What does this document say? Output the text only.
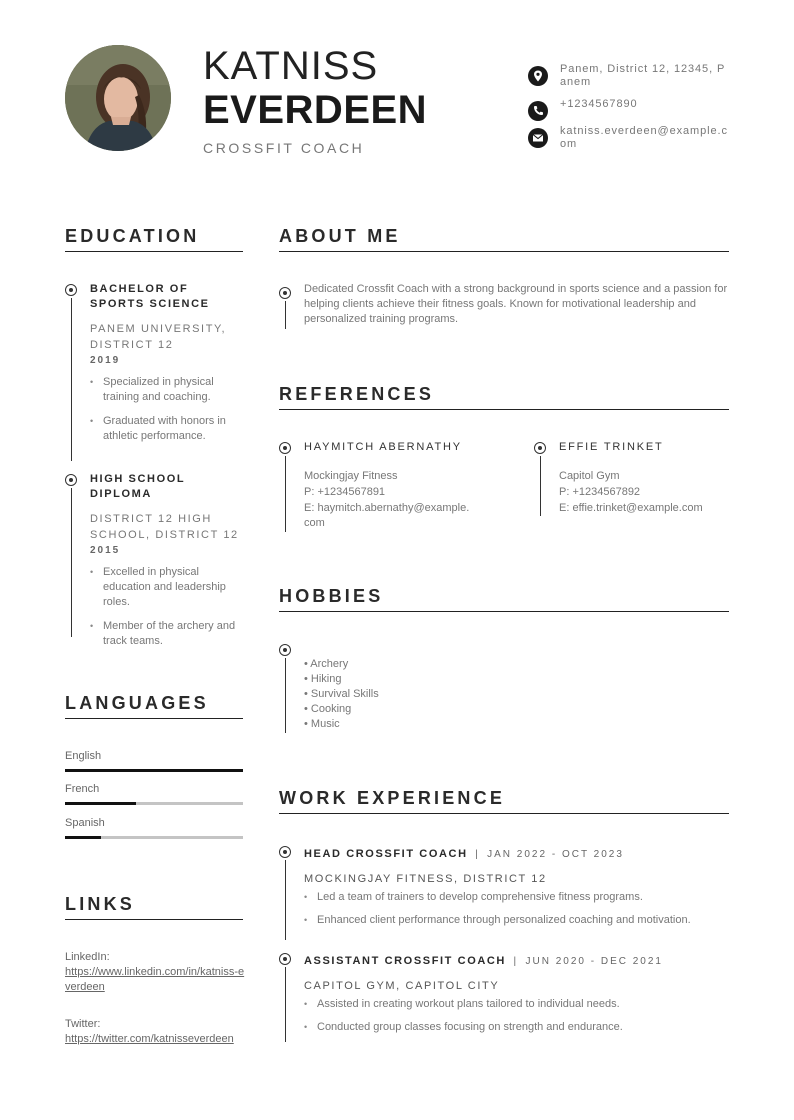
KATNISS
EVERDEEN
CROSSFIT COACH
Panem, District 12, 12345, Panem
+1234567890
katniss.everdeen@example.com
EDUCATION
BACHELOR OF SPORTS SCIENCE
PANEM UNIVERSITY, DISTRICT 12
2019
• Specialized in physical training and coaching.
• Graduated with honors in athletic performance.
HIGH SCHOOL DIPLOMA
DISTRICT 12 HIGH SCHOOL, DISTRICT 12
2015
• Excelled in physical education and leadership roles.
• Member of the archery and track teams.
LANGUAGES
English
French
Spanish
LINKS
LinkedIn:
https://www.linkedin.com/in/katniss-everdeen
Twitter:
https://twitter.com/katnisseverdeen
ABOUT ME
Dedicated Crossfit Coach with a strong background in sports science and a passion for helping clients achieve their fitness goals. Known for motivational leadership and personalized training programs.
REFERENCES
HAYMITCH ABERNATHY
Mockingjay Fitness
P: +1234567891
E: haymitch.abernathy@example.com
EFFIE TRINKET
Capitol Gym
P: +1234567892
E: effie.trinket@example.com
HOBBIES
• Archery
• Hiking
• Survival Skills
• Cooking
• Music
WORK EXPERIENCE
HEAD CROSSFIT COACH | JAN 2022 - OCT 2023
MOCKINGJAY FITNESS, DISTRICT 12
• Led a team of trainers to develop comprehensive fitness programs.
• Enhanced client performance through personalized coaching and motivation.
ASSISTANT CROSSFIT COACH | JUN 2020 - DEC 2021
CAPITOL GYM, CAPITOL CITY
• Assisted in creating workout plans tailored to individual needs.
• Conducted group classes focusing on strength and endurance.
